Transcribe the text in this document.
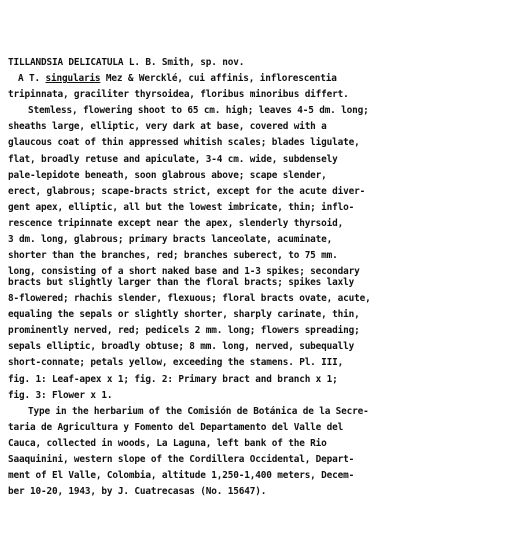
TILLANDSIA DELICATULA L. B. Smith, sp. nov.
A T. singularis Mez & Wercklé, cui affinis, inflorescentia
tripinnata, graciliter thyrsoidea, floribus minoribus differt.
Stemless, flowering shoot to 65 cm. high; leaves 4-5 dm. long;
sheaths large, elliptic, very dark at base, covered with a
glaucous coat of thin appressed whitish scales; blades ligulate,
flat, broadly retuse and apiculate, 3-4 cm. wide, subdensely
pale-lepidote beneath, soon glabrous above; scape slender,
erect, glabrous; scape-bracts strict, except for the acute diver-
gent apex, elliptic, all but the lowest imbricate, thin; inflo-
rescence tripinnate except near the apex, slenderly thyrsoid,
3 dm. long, glabrous; primary bracts lanceolate, acuminate,
shorter than the branches, red; branches suberect, to 75 mm.
long, consisting of a short naked base and 1-3 spikes; secondary
bracts but slightly larger than the floral bracts; spikes laxly
8-flowered; rhachis slender, flexuous; floral bracts ovate, acute,
equaling the sepals or slightly shorter, sharply carinate, thin,
prominently nerved, red; pedicels 2 mm. long; flowers spreading;
sepals elliptic, broadly obtuse; 8 mm. long, nerved, subequally
short-connate; petals yellow, exceeding the stamens. Pl. III,
fig. 1: Leaf-apex x 1; fig. 2: Primary bract and branch x 1;
fig. 3: Flower x 1.
Type in the herbarium of the Comisión de Botánica de la Secre-
taria de Agricultura y Fomento del Departamento del Valle del
Cauca, collected in woods, La Laguna, left bank of the Rio
Saaquinini, western slope of the Cordillera Occidental, Depart-
ment of El Valle, Colombia, altitude 1,250-1,400 meters, Decem-
ber 10-20, 1943, by J. Cuatrecasas (No. 15647).
